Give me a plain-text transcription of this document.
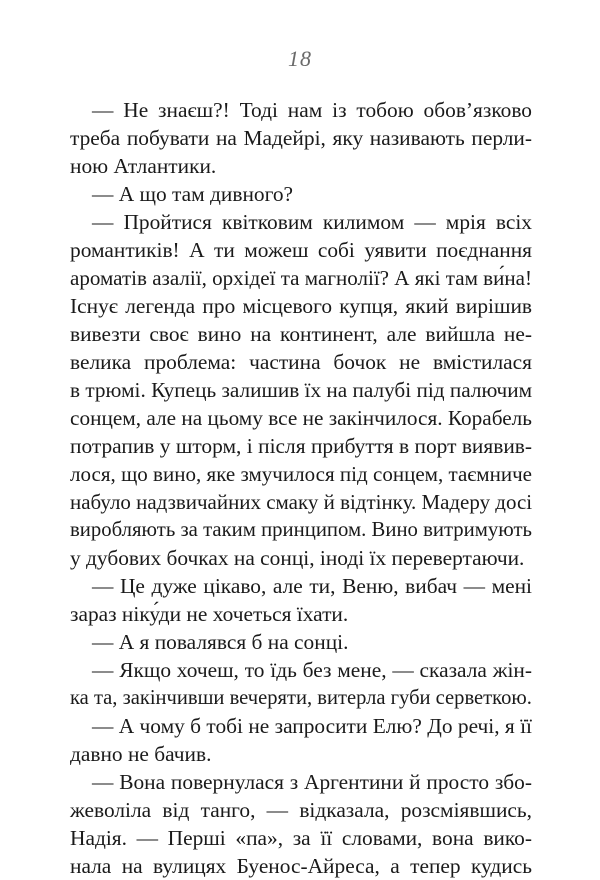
18
— Не знаєш?! Тоді нам із тобою обов’язково
треба побувати на Мадейрі, яку називають перли-
ною Атлантики.
— А що там дивного?
— Пройтися квітковим килимом — мрія всіх
романтиків! А ти можеш собі уявити поєднання
ароматів азалії, орхідеї та магнолії? А які там ви́на!
Існує легенда про місцевого купця, який вирішив
вивезти своє вино на континент, але вийшла не-
велика проблема: частина бочок не вмістилася
в трюмі. Купець залишив їх на палубі під палючим
сонцем, але на цьому все не закінчилося. Корабель
потрапив у шторм, і після прибуття в порт виявив-
лося, що вино, яке змучилося під сонцем, таємниче
набуло надзвичайних смаку й відтінку. Мадеру досі
виробляють за таким принципом. Вино витримують
у дубових бочках на сонці, іноді їх перевертаючи.
— Це дуже цікаво, але ти, Веню, вибач — мені
зараз ніку́ди не хочеться їхати.
— А я повалявся б на сонці.
— Якщо хочеш, то їдь без мене, — сказала жін-
ка та, закінчивши вечеряти, витерла губи серветкою.
— А чому б тобі не запросити Елю? До речі, я її
давно не бачив.
— Вона повернулася з Аргентини й просто збо-
жеволіла від танго, — відказала, розсміявшись,
Надія. — Перші «па», за її словами, вона вико-
нала на вулицях Буенос-Айреса, а тепер кудись
